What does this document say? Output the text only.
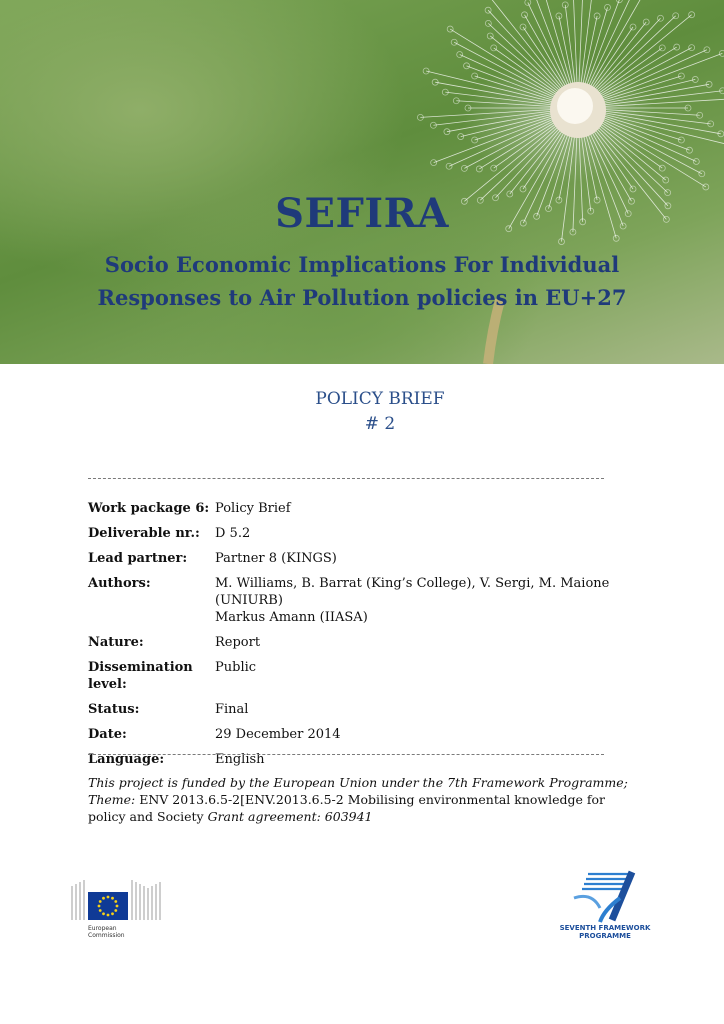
SEFIRA
Socio Economic Implications For Individual
Responses to Air Pollution policies in EU+27
POLICY BRIEF
# 2
Work package 6: Policy Brief
Deliverable nr.:	D 5.2
Lead partner:	Partner 8 (KINGS)
Authors:	M. Williams, B. Barrat (King’s College), V. Sergi, M. Maione (UNIURB)
Markus Amann (IIASA)
Nature:	Report
Dissemination level:
Public
Status:	Final
Date:	29 December 2014
Language:	English
This project is funded by the European Union under the 7th Framework Programme;
Theme: ENV 2013.6.5-2[ENV.2013.6.5-2 Mobilising environmental knowledge for policy and Society Grant agreement: 603941
European
Commission
SEVENTH FRAMEWORK
PROGRAMME
